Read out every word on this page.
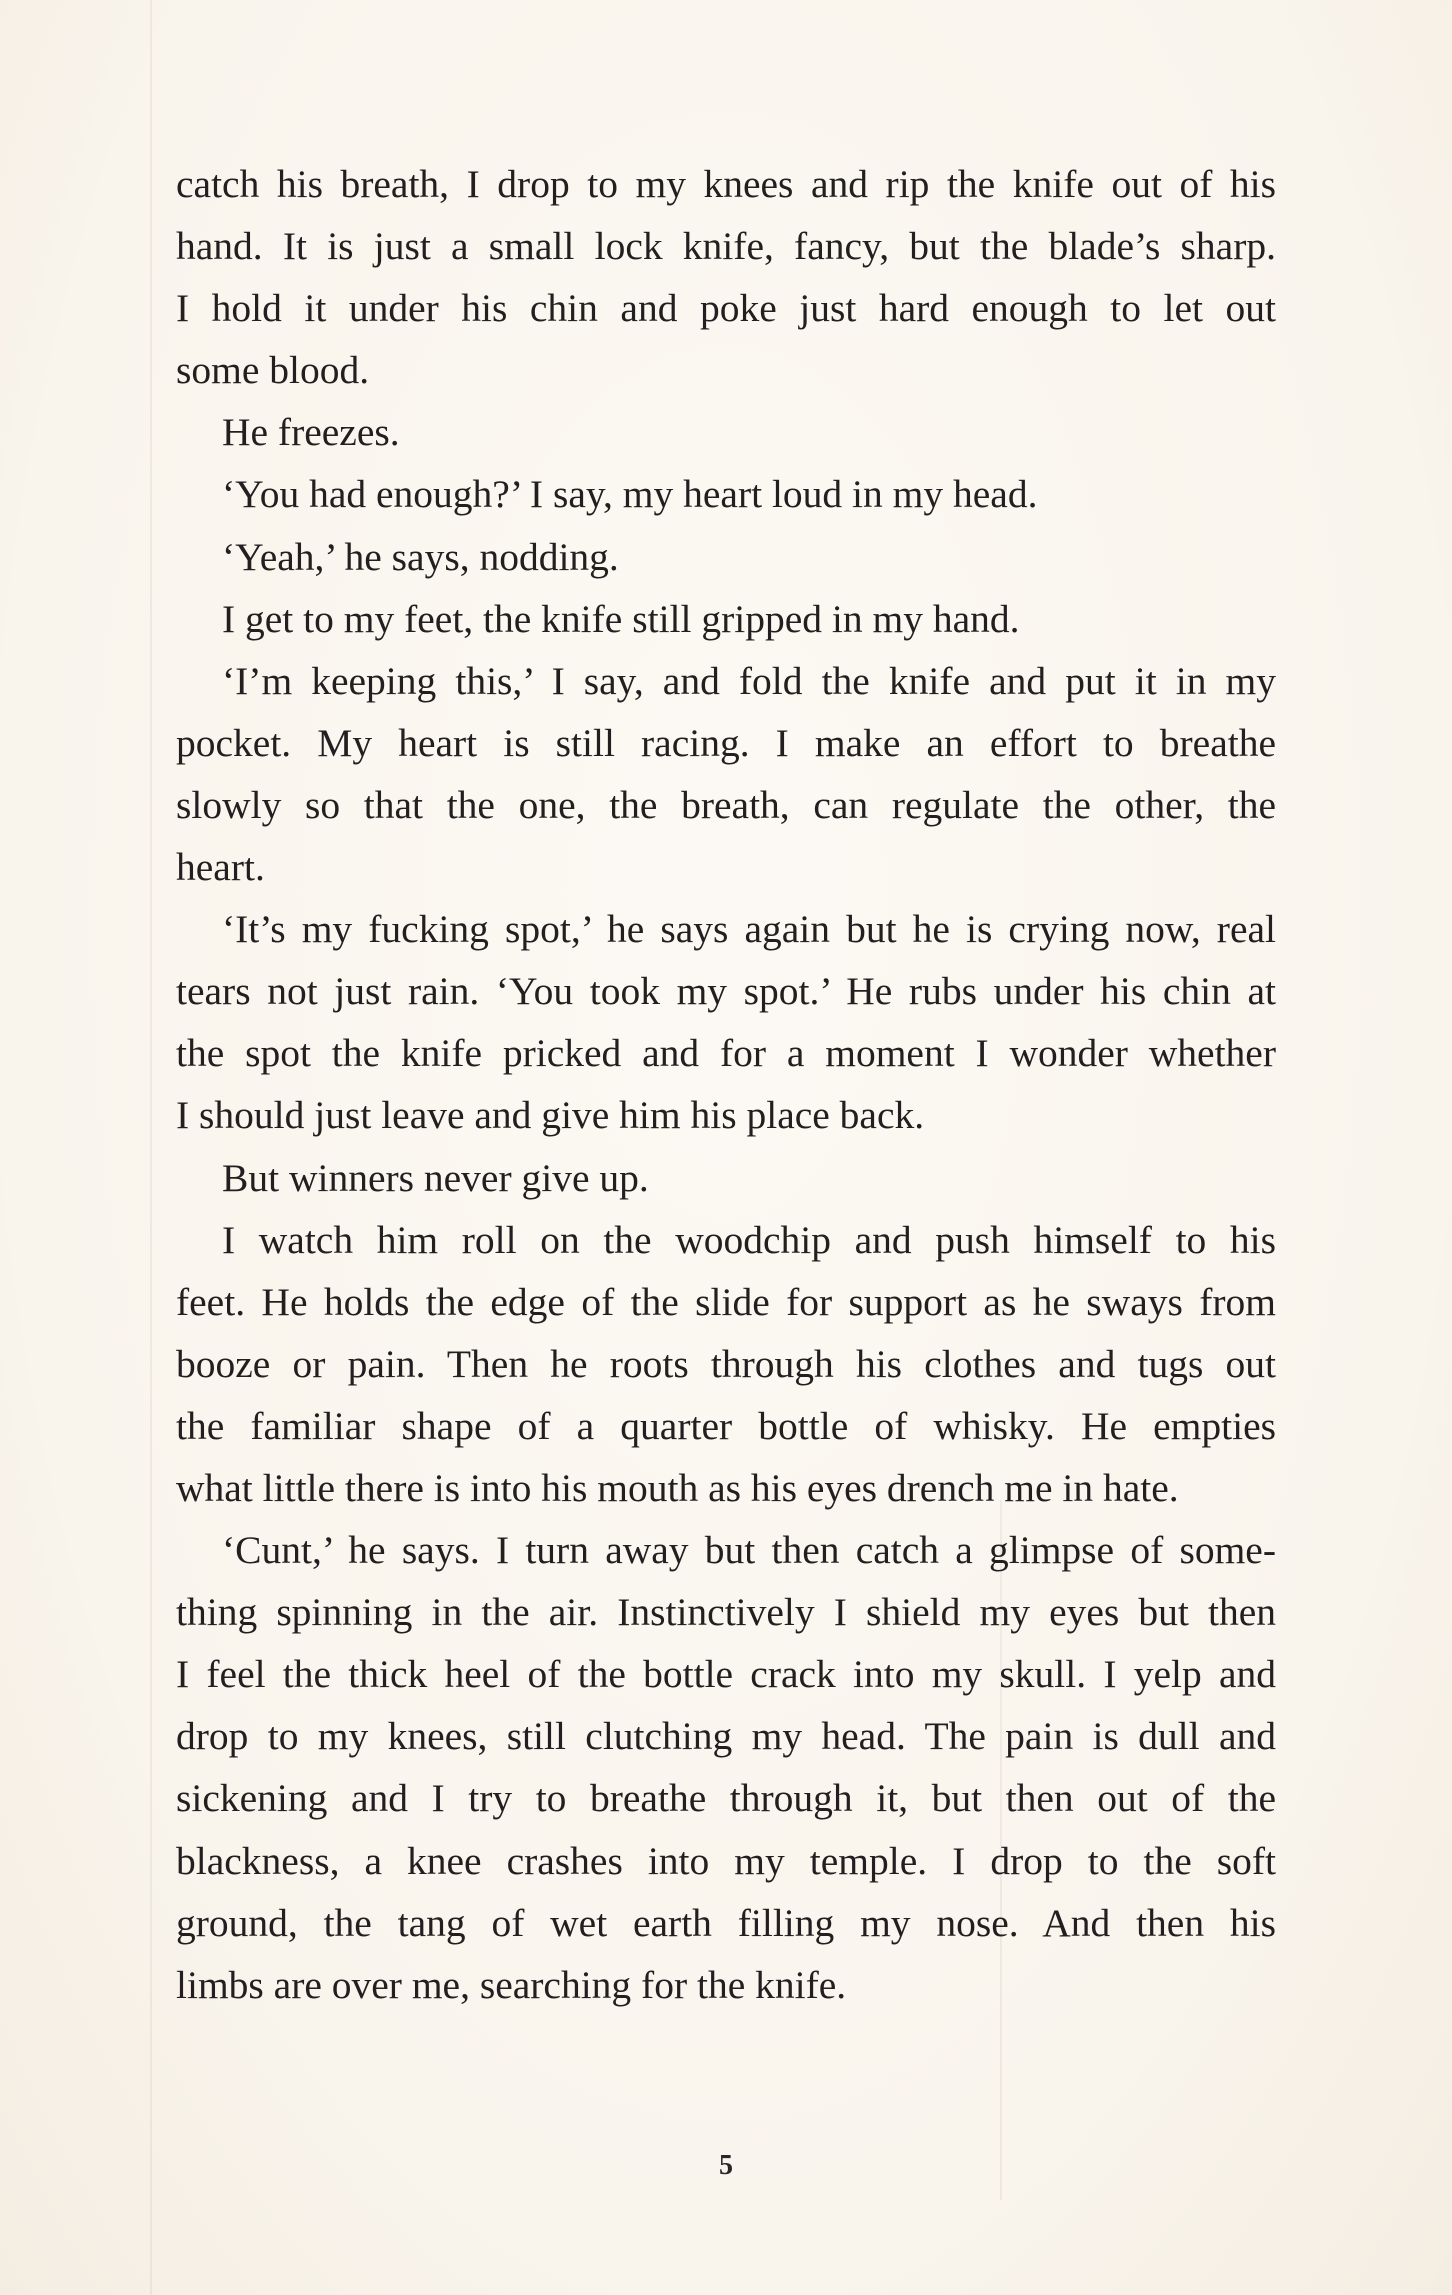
catch his breath, I drop to my knees and rip the knife out of his
hand. It is just a small lock knife, fancy, but the blade’s sharp.
I hold it under his chin and poke just hard enough to let out
some blood.
He freezes.
‘You had enough?’ I say, my heart loud in my head.
‘Yeah,’ he says, nodding.
I get to my feet, the knife still gripped in my hand.
‘I’m keeping this,’ I say, and fold the knife and put it in my
pocket. My heart is still racing. I make an effort to breathe
slowly so that the one, the breath, can regulate the other, the
heart.
‘It’s my fucking spot,’ he says again but he is crying now, real
tears not just rain. ‘You took my spot.’ He rubs under his chin at
the spot the knife pricked and for a moment I wonder whether
I should just leave and give him his place back.
But winners never give up.
I watch him roll on the woodchip and push himself to his
feet. He holds the edge of the slide for support as he sways from
booze or pain. Then he roots through his clothes and tugs out
the familiar shape of a quarter bottle of whisky. He empties
what little there is into his mouth as his eyes drench me in hate.
‘Cunt,’ he says. I turn away but then catch a glimpse of some-
thing spinning in the air. Instinctively I shield my eyes but then
I feel the thick heel of the bottle crack into my skull. I yelp and
drop to my knees, still clutching my head. The pain is dull and
sickening and I try to breathe through it, but then out of the
blackness, a knee crashes into my temple. I drop to the soft
ground, the tang of wet earth filling my nose. And then his
limbs are over me, searching for the knife.
5
